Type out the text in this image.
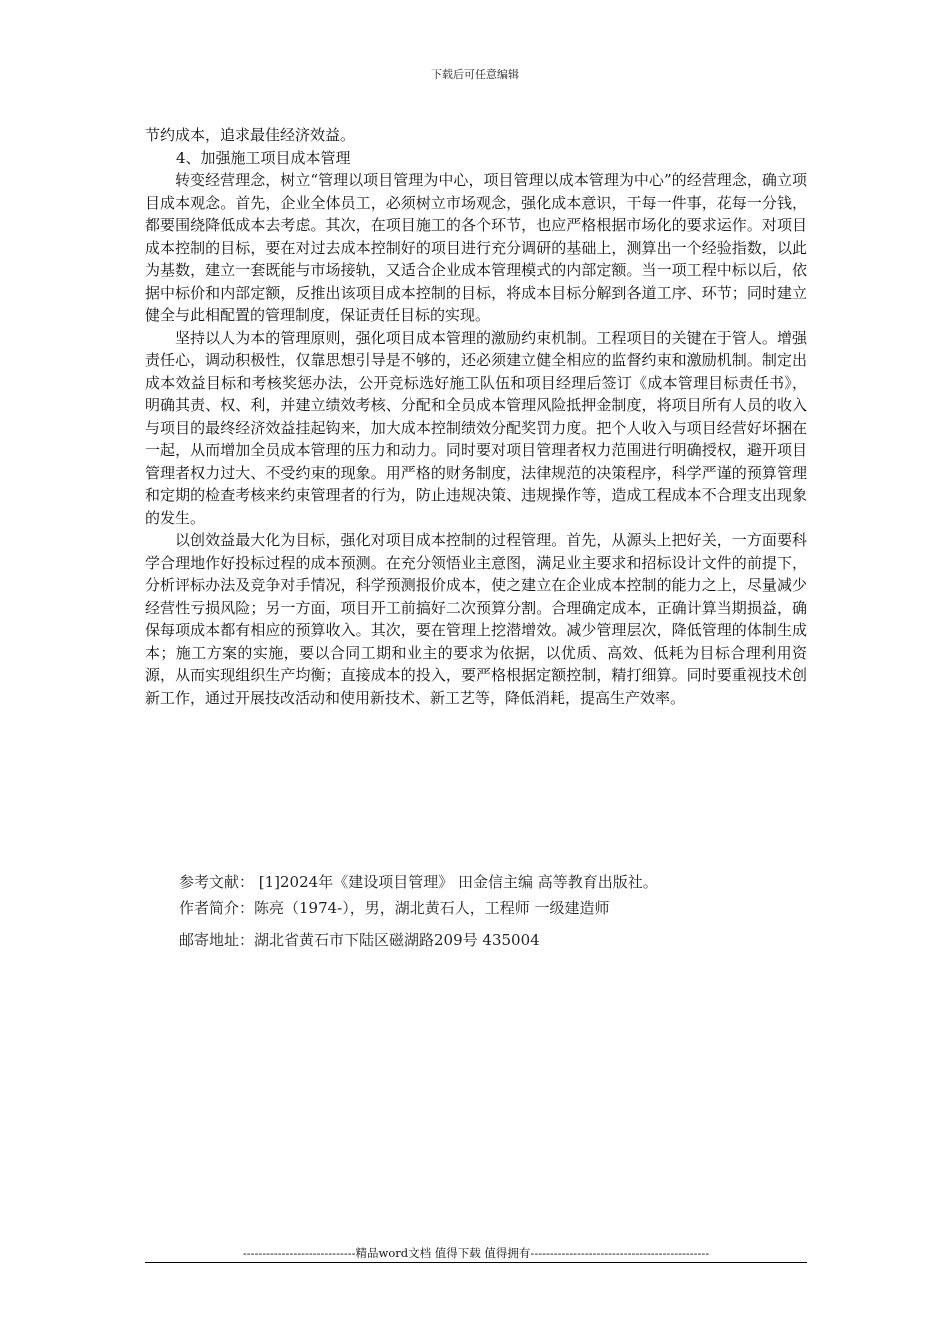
下载后可任意编辑

节约成本，追求最佳经济效益。

4、加强施工项目成本管理

转变经营理念，树立“管理以项目管理为中心，项目管理以成本管理为中心”的经营理念，确立项目成本观念。首先，企业全体员工，必须树立市场观念，强化成本意识，干每一件事，花每一分钱，都要围绕降低成本去考虑。其次，在项目施工的各个环节，也应严格根据市场化的要求运作。对项目成本控制的目标，要在对过去成本控制好的项目进行充分调研的基础上，测算出一个经验指数，以此为基数，建立一套既能与市场接轨，又适合企业成本管理模式的内部定额。当一项工程中标以后，依据中标价和内部定额，反推出该项目成本控制的目标，将成本目标分解到各道工序、环节；同时建立健全与此相配置的管理制度，保证责任目标的实现。

坚持以人为本的管理原则，强化项目成本管理的激励约束机制。工程项目的关键在于管人。增强责任心，调动积极性，仅靠思想引导是不够的，还必须建立健全相应的监督约束和激励机制。制定出成本效益目标和考核奖惩办法，公开竞标选好施工队伍和项目经理后签订《成本管理目标责任书》，明确其责、权、利，并建立绩效考核、分配和全员成本管理风险抵押金制度，将项目所有人员的收入与项目的最终经济效益挂起钩来，加大成本控制绩效分配奖罚力度。把个人收入与项目经营好坏捆在一起，从而增加全员成本管理的压力和动力。同时要对项目管理者权力范围进行明确授权，避开项目管理者权力过大、不受约束的现象。用严格的财务制度，法律规范的决策程序，科学严谨的预算管理和定期的检查考核来约束管理者的行为，防止违规决策、违规操作等，造成工程成本不合理支出现象的发生。

以创效益最大化为目标，强化对项目成本控制的过程管理。首先，从源头上把好关，一方面要科学合理地作好投标过程的成本预测。在充分领悟业主意图，满足业主要求和招标设计文件的前提下，分析评标办法及竞争对手情况，科学预测报价成本，使之建立在企业成本控制的能力之上，尽量减少经营性亏损风险；另一方面，项目开工前搞好二次预算分割。合理确定成本，正确计算当期损益，确保每项成本都有相应的预算收入。其次，要在管理上挖潜增效。减少管理层次，降低管理的体制生成本；施工方案的实施，要以合同工期和业主的要求为依据，以优质、高效、低耗为目标合理利用资源，从而实现组织生产均衡；直接成本的投入，要严格根据定额控制，精打细算。同时要重视技术创新工作，通过开展技改活动和使用新技术、新工艺等，降低消耗，提高生产效率。

参考文献： [1]2024年《建设项目管理》 田金信主编 高等教育出版社。

作者简介：陈亮（1974-），男，湖北黄石人，工程师 一级建造师

邮寄地址：湖北省黄石市下陆区磁湖路209号 435004

-----------------------------精品word文档 值得下载 值得拥有----------------------------------------------
